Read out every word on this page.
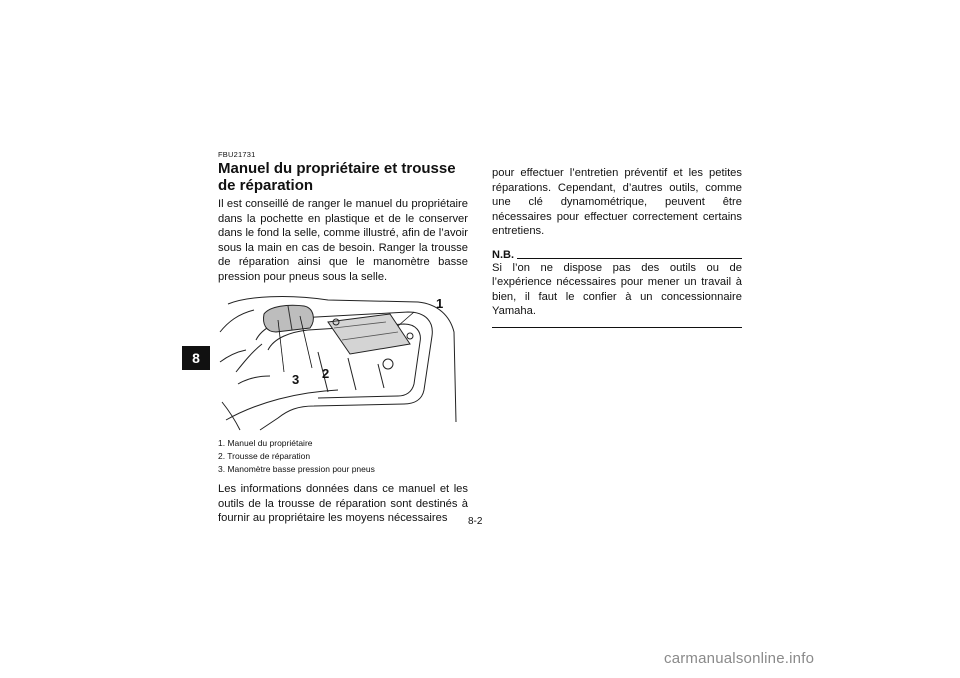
8
FBU21731
Manuel du propriétaire et trousse de réparation

Il est conseillé de ranger le manuel du propriétaire dans la pochette en plastique et de le conserver dans le fond la selle, comme illustré, afin de l’avoir sous la main en cas de besoin. Ranger la trousse de réparation ainsi que le manomètre basse pression pour pneus sous la selle.

1
2
3
1. Manuel du propriétaire
2. Trousse de réparation
3. Manomètre basse pression pour pneus

Les informations données dans ce manuel et les outils de la trousse de réparation sont destinés à fournir au propriétaire les moyens nécessaires

pour effectuer l’entretien préventif et les petites réparations. Cependant, d’autres outils, comme une clé dynamométrique, peuvent être nécessaires pour effectuer correctement certains entretiens.

N.B.

Si l’on ne dispose pas des outils ou de l’expérience nécessaires pour mener un travail à bien, il faut le confier à un concessionnaire Yamaha.

8-2
carmanualsonline.info
